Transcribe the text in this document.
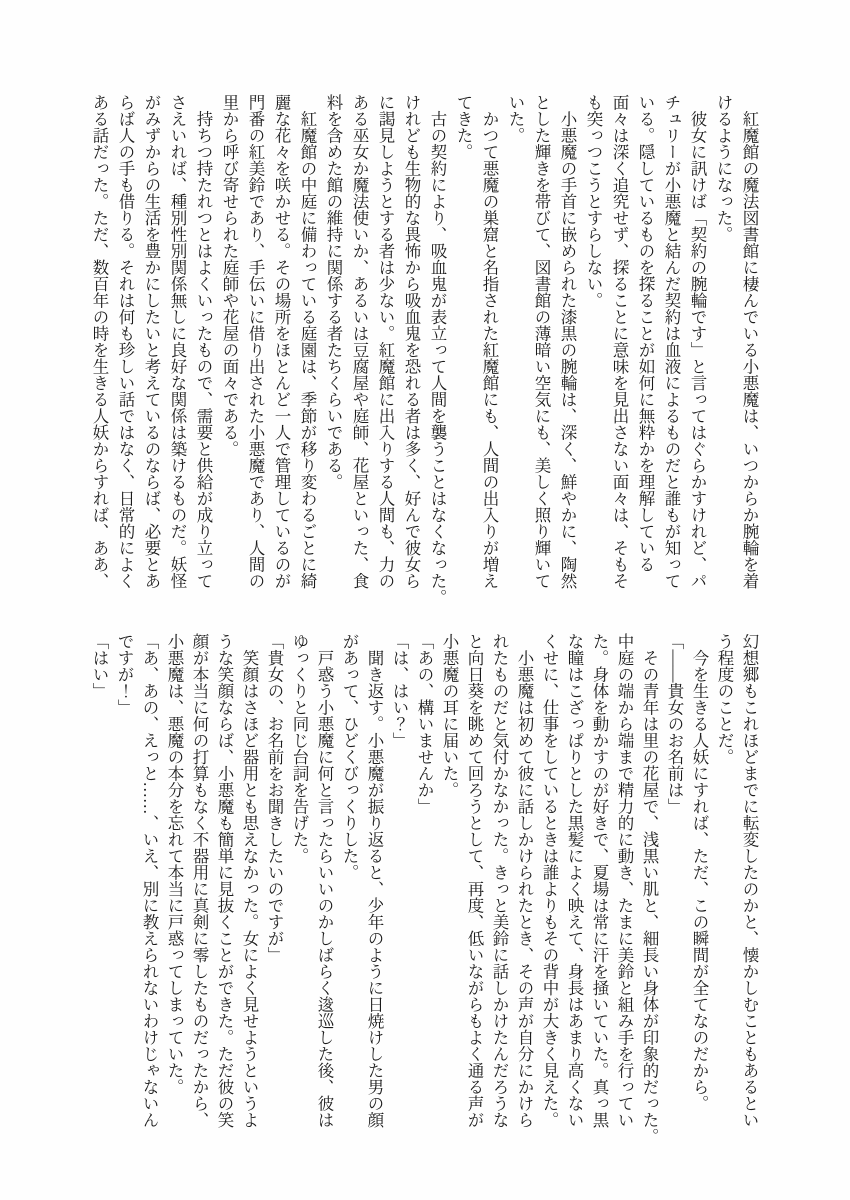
　紅魔館の魔法図書館に棲んでいる小悪魔は、いつからか腕輪を着
けるようになった。
　彼女に訊けば「契約の腕輪です」と言ってはぐらかすけれど、パ
チュリーが小悪魔と結んだ契約は血液によるものだと誰もが知って
いる。隠しているものを探ることが如何に無粋かを理解している
面々は深く追究せず、探ることに意味を見出さない面々は、そもそ
も突っつこうとすらしない。
　小悪魔の手首に嵌められた漆黒の腕輪は、深く、鮮やかに、陶然
とした輝きを帯びて、図書館の薄暗い空気にも、美しく照り輝いて
いた。
　かつて悪魔の巣窟と名指された紅魔館にも、人間の出入りが増え
てきた。
　古の契約により、吸血鬼が表立って人間を襲うことはなくなった。
けれども生物的な畏怖から吸血鬼を恐れる者は多く、好んで彼女ら
に謁見しようとする者は少ない。紅魔館に出入りする人間も、力の
ある巫女か魔法使いか、あるいは豆腐屋や庭師、花屋といった、食
料を含めた館の維持に関係する者たちくらいである。
　紅魔館の中庭に備わっている庭園は、季節が移り変わるごとに綺
麗な花々を咲かせる。その場所をほとんど一人で管理しているのが
門番の紅美鈴であり、手伝いに借り出された小悪魔であり、人間の
里から呼び寄せられた庭師や花屋の面々である。
　持ちつ持たれつとはよくいったもので、需要と供給が成り立って
さえいれば、種別性別関係無しに良好な関係は築けるものだ。妖怪
がみずからの生活を豊かにしたいと考えているのならば、必要とあ
らば人の手も借りる。それは何も珍しい話ではなく、日常的によく
ある話だった。ただ、数百年の時を生きる人妖からすれば、ああ、
幻想郷もこれほどまでに転変したのかと、懐かしむこともあるとい
う程度のことだ。
　今を生きる人妖にすれば、ただ、この瞬間が全てなのだから。
「――貴女のお名前は」
　その青年は里の花屋で、浅黒い肌と、細長い身体が印象的だった。
中庭の端から端まで精力的に動き、たまに美鈴と組み手を行ってい
た。身体を動かすのが好きで、夏場は常に汗を掻いていた。真っ黒
な瞳はこざっぱりとした黒髪によく映えて、身長はあまり高くない
くせに、仕事をしているときは誰よりもその背中が大きく見えた。
　小悪魔は初めて彼に話しかけられたとき、その声が自分にかけら
れたものだと気付かなかった。きっと美鈴に話しかけたんだろうな
と向日葵を眺めて回ろうとして、再度、低いながらもよく通る声が
小悪魔の耳に届いた。
「あの、構いませんか」
「は、はい？」
　聞き返す。小悪魔が振り返ると、少年のように日焼けした男の顔
があって、ひどくびっくりした。
　戸惑う小悪魔に何と言ったらいいのかしばらく逡巡した後、彼は
ゆっくりと同じ台詞を告げた。
「貴女の、お名前をお聞きしたいのですが」
　笑顔はさほど器用とも思えなかった。女によく見せようというよ
うな笑顔ならば、小悪魔も簡単に見抜くことができた。ただ彼の笑
顔が本当に何の打算もなく不器用に真剣に零したものだったから、
小悪魔は、悪魔の本分を忘れて本当に戸惑ってしまっていた。
「あ、あの、えっと……、いえ、別に教えられないわけじゃないん
ですが！」
「はい」
